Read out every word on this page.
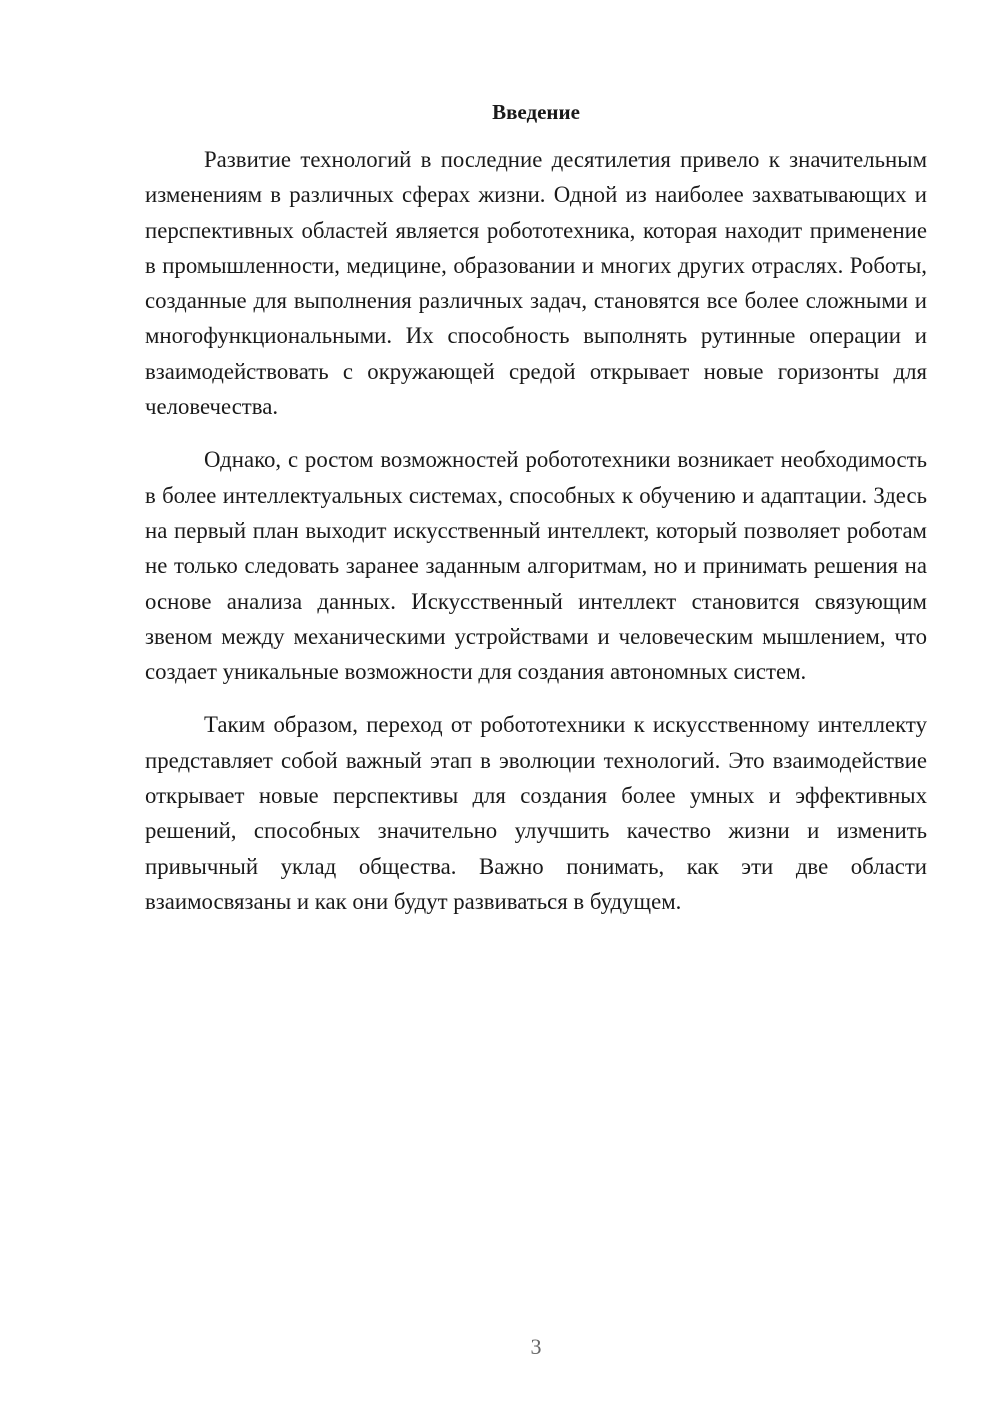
Введение

Развитие технологий в последние десятилетия привело к значительным изменениям в различных сферах жизни. Одной из наиболее захватывающих и перспективных областей является робототехника, которая находит применение в промышленности, медицине, образовании и многих других отраслях. Роботы, созданные для выполнения различных задач, становятся все более сложными и многофункциональными. Их способность выполнять рутинные операции и взаимодействовать с окружающей средой открывает новые горизонты для человечества.

Однако, с ростом возможностей робототехники возникает необходимость в более интеллектуальных системах, способных к обучению и адаптации. Здесь на первый план выходит искусственный интеллект, который позволяет роботам не только следовать заранее заданным алгоритмам, но и принимать решения на основе анализа данных. Искусственный интеллект становится связующим звеном между механическими устройствами и человеческим мышлением, что создает уникальные возможности для создания автономных систем.

Таким образом, переход от робототехники к искусственному интеллекту представляет собой важный этап в эволюции технологий. Это взаимодействие открывает новые перспективы для создания более умных и эффективных решений, способных значительно улучшить качество жизни и изменить привычный уклад общества. Важно понимать, как эти две области взаимосвязаны и как они будут развиваться в будущем.

3
